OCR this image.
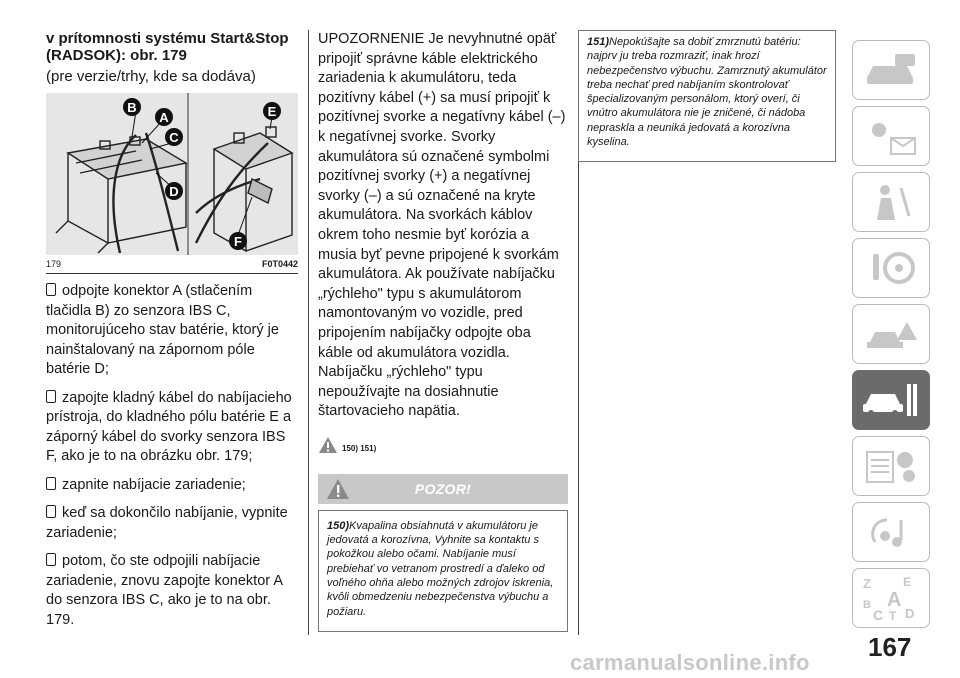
v prítomnosti systému Start&Stop (RADSOK): obr. 179
(pre verzie/trhy, kde sa dodáva)
B
A
C
D
E
F
179	F0T0442
odpojte konektor A (stlačením tlačidla B) zo senzora IBS C, monitorujúceho stav batérie, ktorý je nainštalovaný na zápornom póle batérie D;
zapojte kladný kábel do nabíjacieho prístroja, do kladného pólu batérie E a záporný kábel do svorky senzora IBS F, ako je to na obrázku obr. 179;
zapnite nabíjacie zariadenie;
keď sa dokončilo nabíjanie, vypnite zariadenie;
potom, čo ste odpojili nabíjacie zariadenie, znovu zapojte konektor A do senzora IBS C, ako je to na obr. 179.

UPOZORNENIE Je nevyhnutné opäť pripojiť správne káble elektrického zariadenia k akumulátoru, teda pozitívny kábel (+) sa musí pripojiť k pozitívnej svorke a negatívny kábel (–) k negatívnej svorke. Svorky akumulátora sú označené symbolmi pozitívnej svorky (+) a negatívnej svorky (–) a sú označené na kryte akumulátora. Na svorkách káblov okrem toho nesmie byť korózia a musia byť pevne pripojené k svorkám akumulátora. Ak používate nabíjačku „rýchleho" typu s akumulátorom namontovaným vo vozidle, pred pripojením nabíjačky odpojte oba káble od akumulátora vozidla. Nabíjačku „rýchleho" typu nepoužívajte na dosiahnutie štartovacieho napätia.

150) 151)
POZOR!
150)Kvapalina obsiahnutá v akumulátoru je jedovatá a korozívna, Vyhnite sa kontaktu s pokožkou alebo očami. Nabíjanie musí prebiehať vo vetranom prostredí a ďaleko od voľného ohňa alebo možných zdrojov iskrenia, kvôli obmedzeniu nebezpečenstva výbuchu a požiaru.
151)Nepokúšajte sa dobiť zmrznutú batériu: najprv ju treba rozmraziť, inak hrozí nebezpečenstvo výbuchu. Zamrznutý akumulátor treba nechať pred nabíjaním skontrolovať špecializovaným personálom, ktorý overí, či vnútro akumulátora nie je zničené, či nádoba nepraskla a neuniká jedovatá a korozívna kyselina.
Z	E
B A
C T D
167
carmanualsonline.info
